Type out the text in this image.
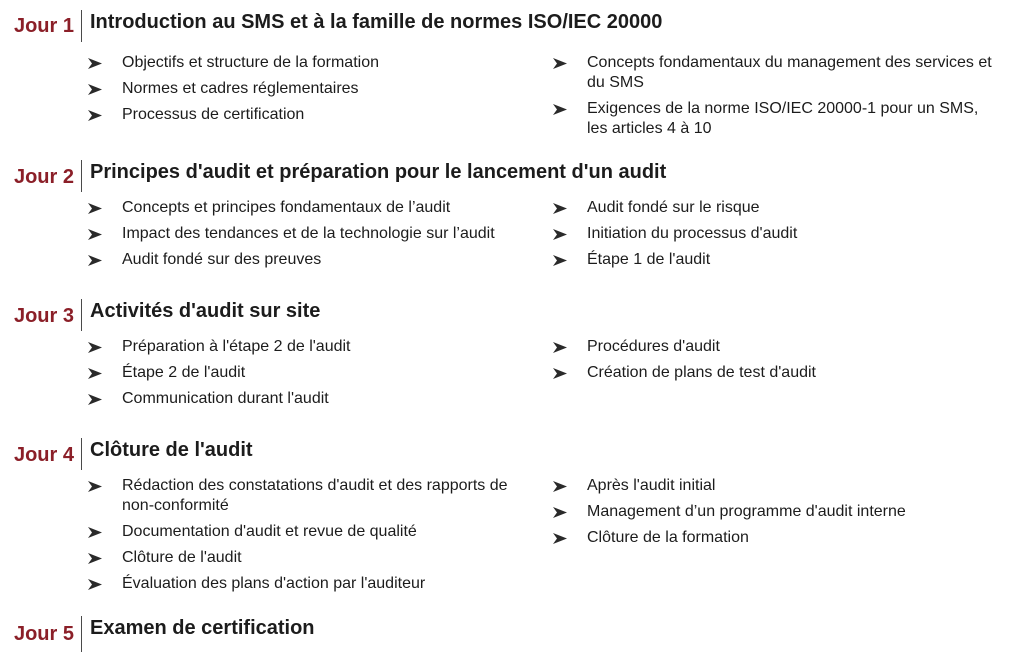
Jour 1 Introduction au SMS et à la famille de normes ISO/IEC 20000
Objectifs et structure de la formation
Normes et cadres réglementaires
Processus de certification
Concepts fondamentaux du management des services et du SMS
Exigences de la norme ISO/IEC 20000-1 pour un SMS, les articles 4 à 10
Jour 2 Principes d'audit et préparation pour le lancement d'un audit
Concepts et principes fondamentaux de l’audit
Impact des tendances et de la technologie sur l’audit
Audit fondé sur des preuves
Audit fondé sur le risque
Initiation du processus d'audit
Étape 1 de l'audit
Jour 3 Activités d'audit sur site
Préparation à l'étape 2 de l'audit
Étape 2 de l'audit
Communication durant l'audit
Procédures d'audit
Création de plans de test d'audit
Jour 4 Clôture de l'audit
Rédaction des constatations d'audit et des rapports de non-conformité
Documentation d'audit et revue de qualité
Clôture de l'audit
Évaluation des plans d'action par l'auditeur
Après l'audit initial
Management d’un programme d'audit interne
Clôture de la formation
Jour 5 Examen de certification
